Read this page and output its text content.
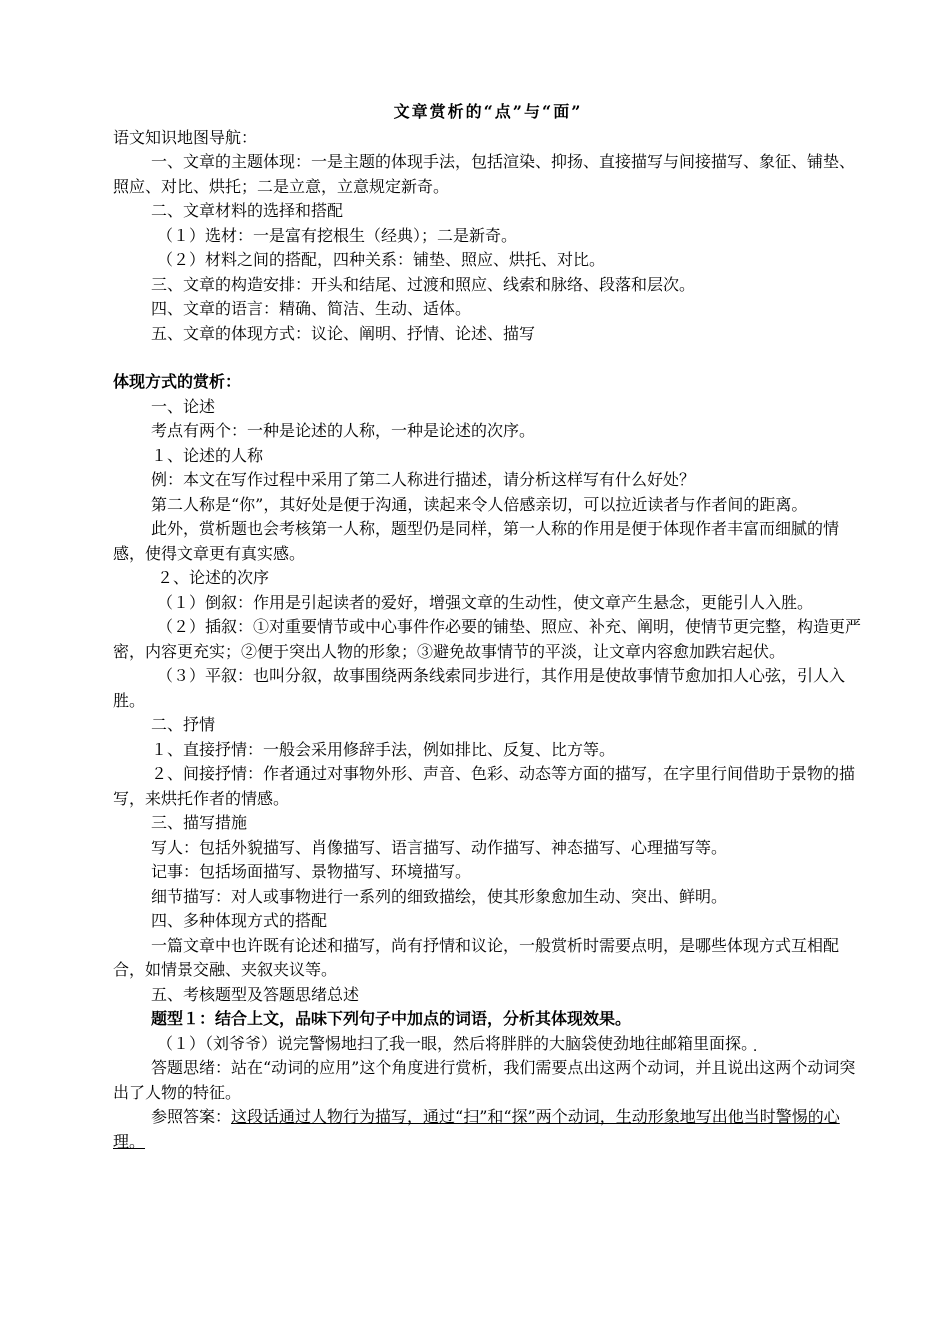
文章赏析的“点”与“面”
语文知识地图导航：
一、文章的主题体现：一是主题的体现手法，包括渲染、抑扬、直接描写与间接描写、象征、铺垫、照应、对比、烘托；二是立意，立意规定新奇。
二、文章材料的选择和搭配
（１）选材：一是富有挖根生（经典）；二是新奇。
（２）材料之间的搭配，四种关系：铺垫、照应、烘托、对比。
三、文章的构造安排：开头和结尾、过渡和照应、线索和脉络、段落和层次。
四、文章的语言：精确、简洁、生动、适体。
五、文章的体现方式：议论、阐明、抒情、论述、描写
体现方式的赏析：
一、论述
考点有两个：一种是论述的人称，一种是论述的次序。
１、论述的人称
例：本文在写作过程中采用了第二人称进行描述，请分析这样写有什么好处？
第二人称是“你”，其好处是便于沟通，读起来令人倍感亲切，可以拉近读者与作者间的距离。
此外，赏析题也会考核第一人称，题型仍是同样，第一人称的作用是便于体现作者丰富而细腻的情感，使得文章更有真实感。
２、论述的次序
（１）倒叙：作用是引起读者的爱好，增强文章的生动性，使文章产生悬念，更能引人入胜。
（２）插叙：①对重要情节或中心事件作必要的铺垫、照应、补充、阐明，使情节更完整，构造更严密，内容更充实；②便于突出人物的形象；③避免故事情节的平淡，让文章内容愈加跌宕起伏。
（３）平叙：也叫分叙，故事围绕两条线索同步进行，其作用是使故事情节愈加扣人心弦，引人入胜。
二、抒情
１、直接抒情：一般会采用修辞手法，例如排比、反复、比方等。
２、间接抒情：作者通过对事物外形、声音、色彩、动态等方面的描写，在字里行间借助于景物的描写，来烘托作者的情感。
三、描写措施
写人：包括外貌描写、肖像描写、语言描写、动作描写、神态描写、心理描写等。
记事：包括场面描写、景物描写、环境描写。
细节描写：对人或事物进行一系列的细致描绘，使其形象愈加生动、突出、鲜明。
四、多种体现方式的搭配
一篇文章中也许既有论述和描写，尚有抒情和议论，一般赏析时需要点明，是哪些体现方式互相配合，如情景交融、夹叙夹议等。
五、考核题型及答题思绪总述
题型１：结合上文，品味下列句子中加点的词语，分析其体现效果。
（１）（刘爷爷）说完警惕地扫了我一眼，然后将胖胖的大脑袋使劲地往邮箱里面探。
答题思绪：站在“动词的应用”这个角度进行赏析，我们需要点出这两个动词，并且说出这两个动词突出了人物的特征。
参照答案：这段话通过人物行为描写，通过“扫”和“探”两个动词，生动形象地写出他当时警惕的心理。
